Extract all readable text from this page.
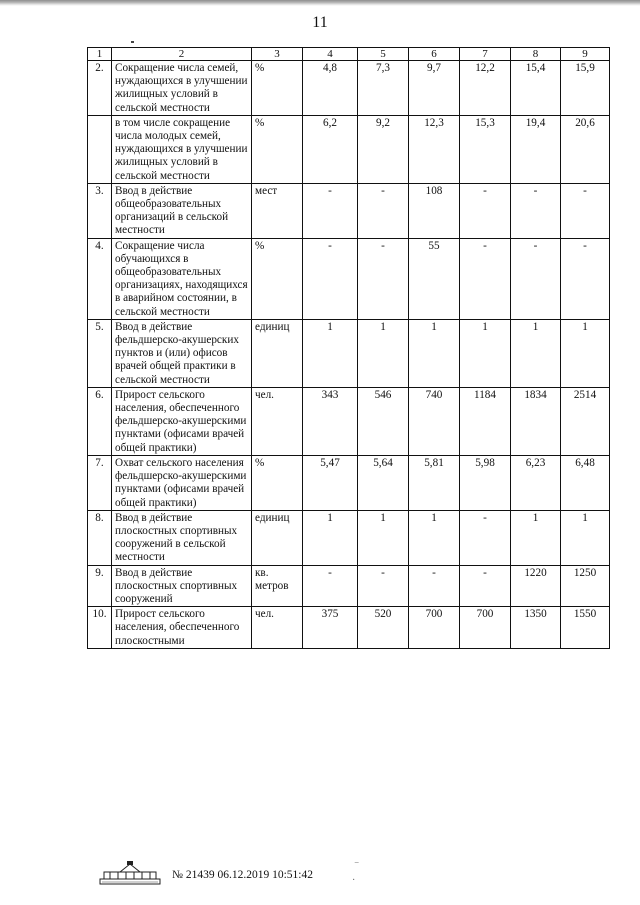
11
1	2	3	4	5	6	7	8	9
2.	Сокращение числа семей, нуждающихся в улучшении жилищных условий в сельской местности	%	4,8	7,3	9,7	12,2	15,4	15,9
	в том числе сокращение числа молодых семей, нуждающихся в улучшении жилищных условий в сельской местности	%	6,2	9,2	12,3	15,3	19,4	20,6
3.	Ввод в действие общеобразовательных организаций в сельской местности	мест	-	-	108	-	-	-
4.	Сокращение числа обучающихся в общеобразовательных организациях, находящихся в аварийном состоянии, в сельской местности	%	-	-	55	-	-	-
5.	Ввод в действие фельдшерско-акушерских пунктов и (или) офисов врачей общей практики в сельской местности	единиц	1	1	1	1	1	1
6.	Прирост сельского населения, обеспеченного фельдшерско-акушерскими пунктами (офисами врачей общей практики)	чел.	343	546	740	1184	1834	2514
7.	Охват сельского населения фельдшерско-акушерскими пунктами (офисами врачей общей практики)	%	5,47	5,64	5,81	5,98	6,23	6,48
8.	Ввод в действие плоскостных спортивных сооружений в сельской местности	единиц	1	1	1	-	1	1
9.	Ввод в действие плоскостных спортивных сооружений	кв. метров	-	-	-	-	1220	1250
10.	Прирост сельского населения, обеспеченного плоскостными	чел.	375	520	700	700	1350	1550
№ 21439 06.12.2019 10:51:42
‾
·
